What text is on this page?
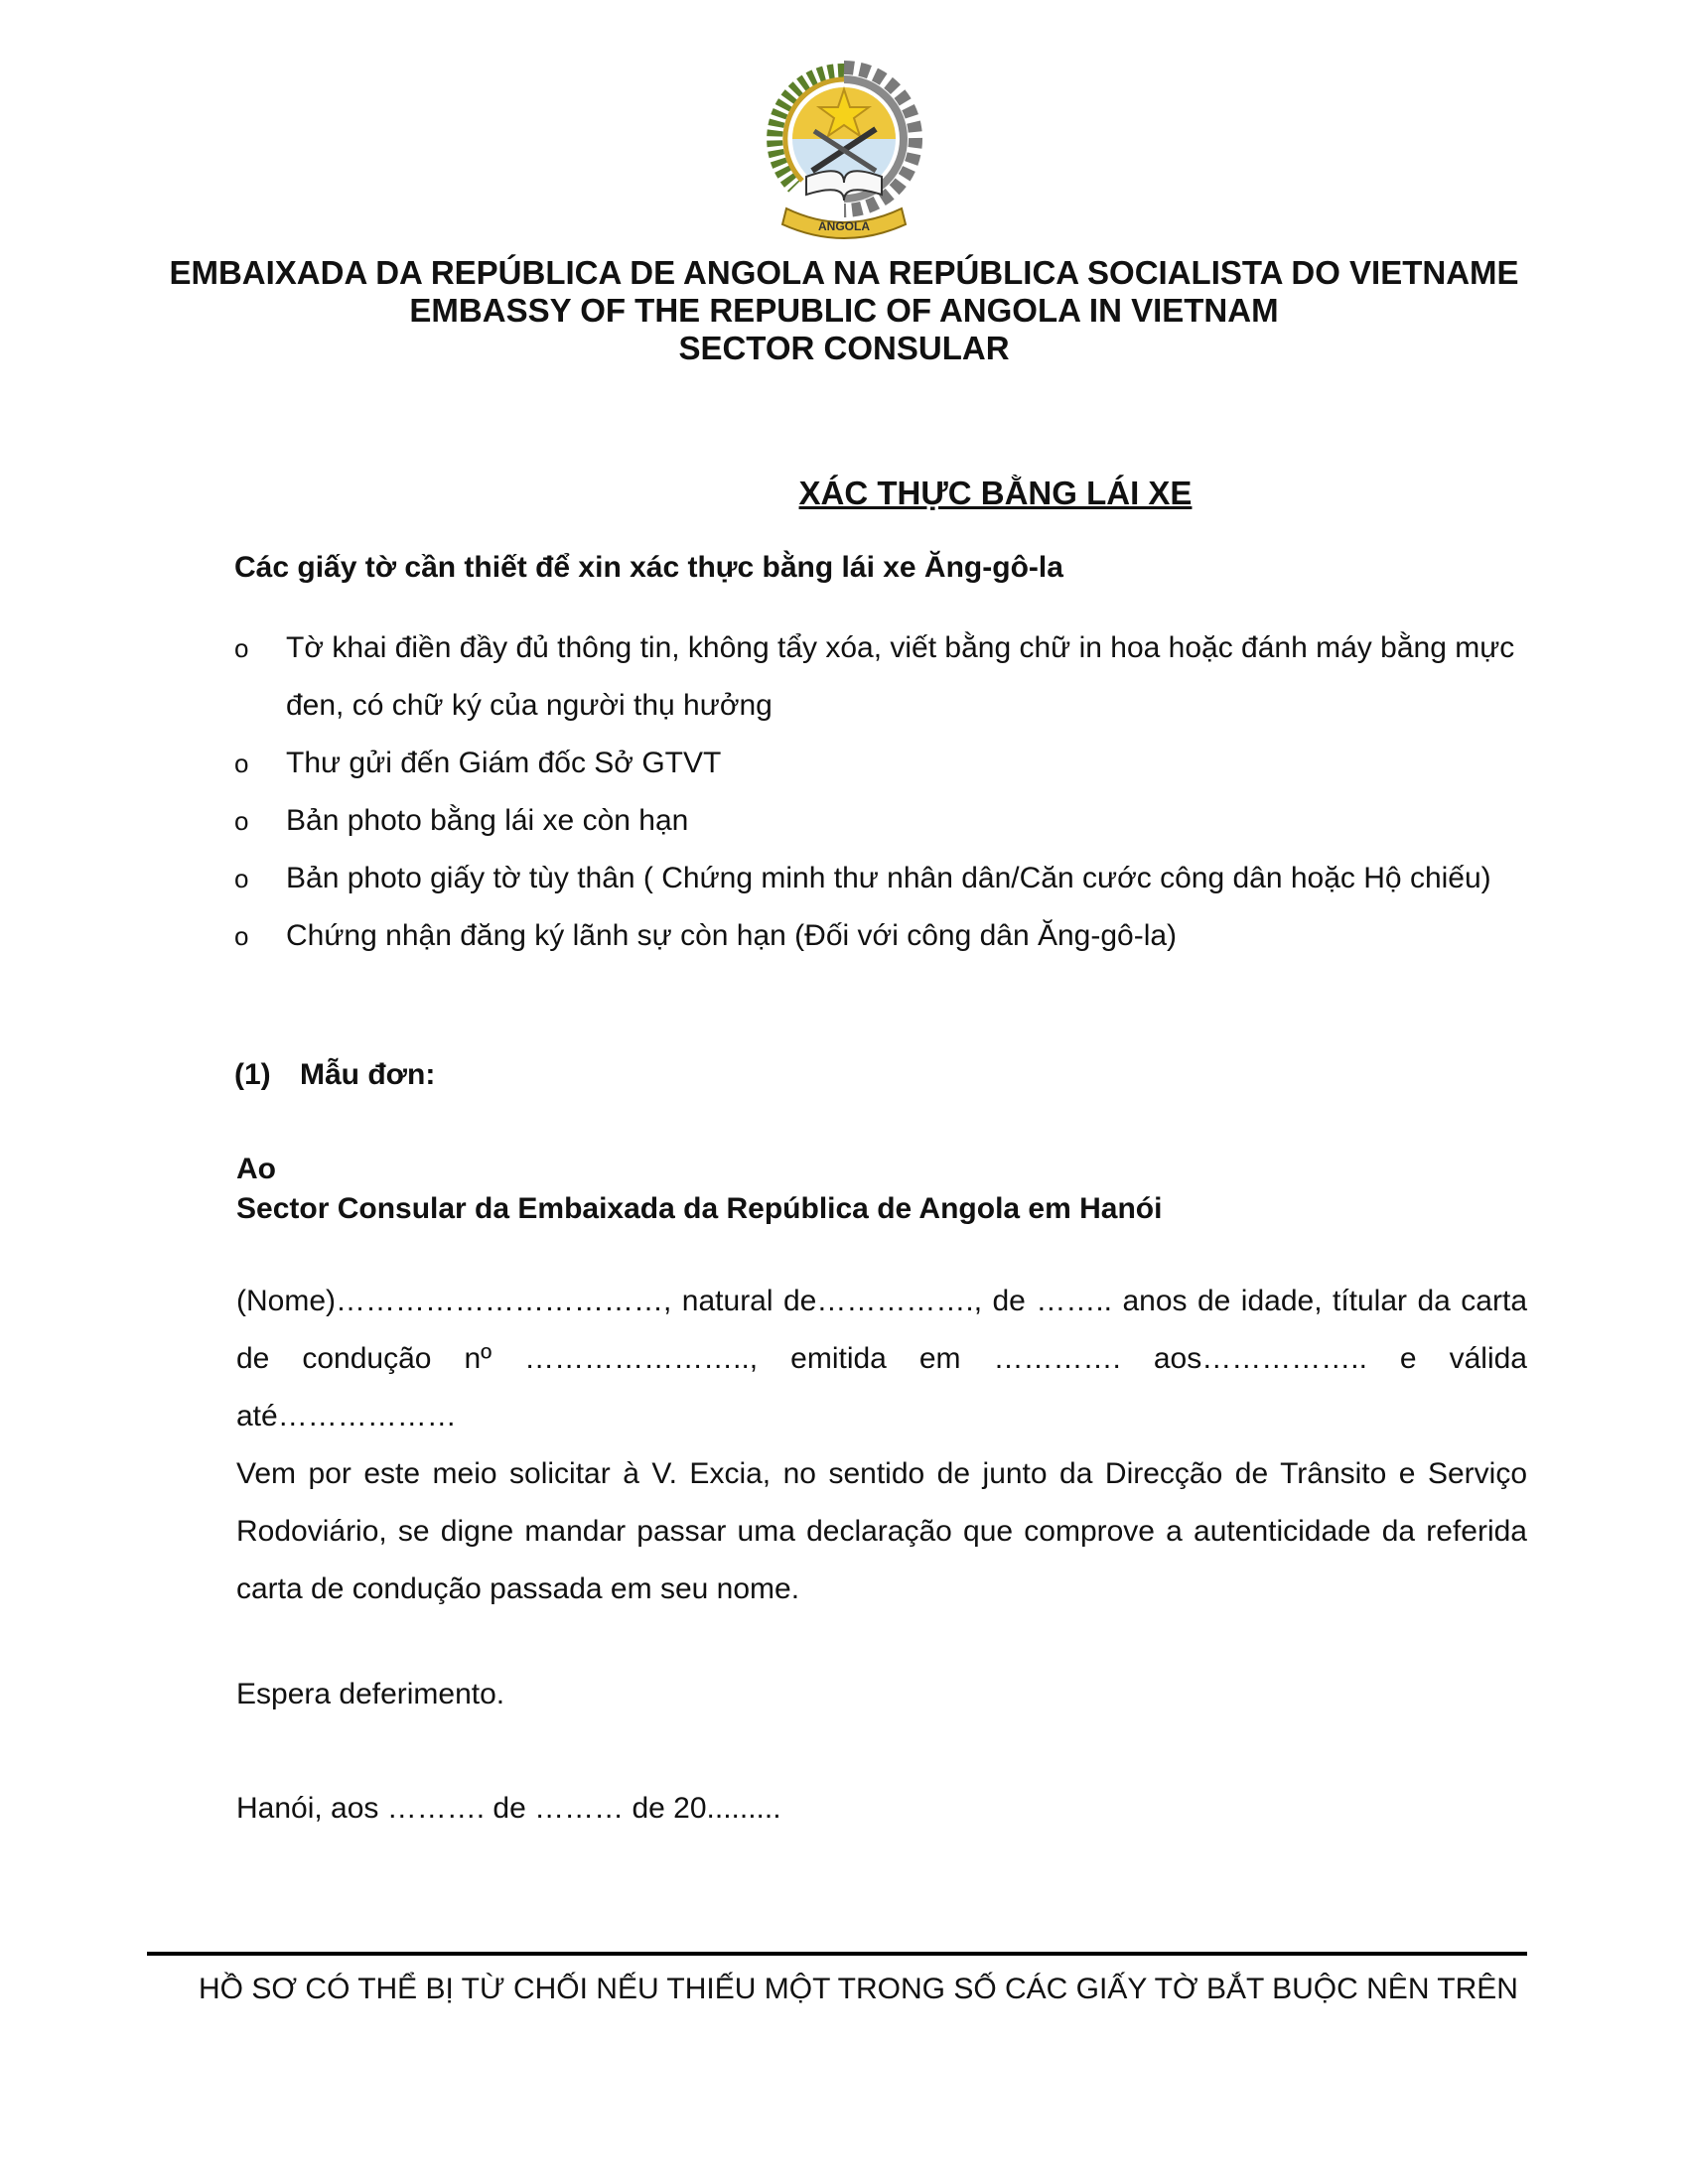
ANGOLA
EMBAIXADA DA REPÚBLICA DE ANGOLA NA REPÚBLICA SOCIALISTA DO VIETNAME
EMBASSY OF THE REPUBLIC OF ANGOLA IN VIETNAM
SECTOR CONSULAR
XÁC THỰC BẰNG LÁI XE
Các giấy tờ cần thiết để xin xác thực bằng lái xe Ăng-gô-la
o Tờ khai điền đầy đủ thông tin, không tẩy xóa, viết bằng chữ in hoa hoặc đánh máy bằng mực đen, có chữ ký của người thụ hưởng
o Thư gửi đến Giám đốc Sở GTVT
o Bản photo bằng lái xe còn hạn
o Bản photo giấy tờ tùy thân ( Chứng minh thư nhân dân/Căn cước công dân hoặc Hộ chiếu)
o Chứng nhận đăng ký lãnh sự còn hạn (Đối với công dân Ăng-gô-la)
(1) Mẫu đơn:
Ao
Sector Consular da Embaixada da República de Angola em Hanói

(Nome)……………………………, natural de……………., de …….. anos de idade, títular da carta de condução nº ………………….., emitida em …………. aos…………….. e válida até………………

Vem por este meio solicitar à V. Excia, no sentido de junto da Direcção de Trânsito e Serviço Rodoviário, se digne mandar passar uma declaração que comprove a autenticidade da referida carta de condução passada em seu nome.

Espera deferimento.
Hanói, aos ………. de ……… de 20.........
HỒ SƠ CÓ THỂ BỊ TỪ CHỐI NẾU THIẾU MỘT TRONG SỐ CÁC GIẤY TỜ BẮT BUỘC NÊN TRÊN
